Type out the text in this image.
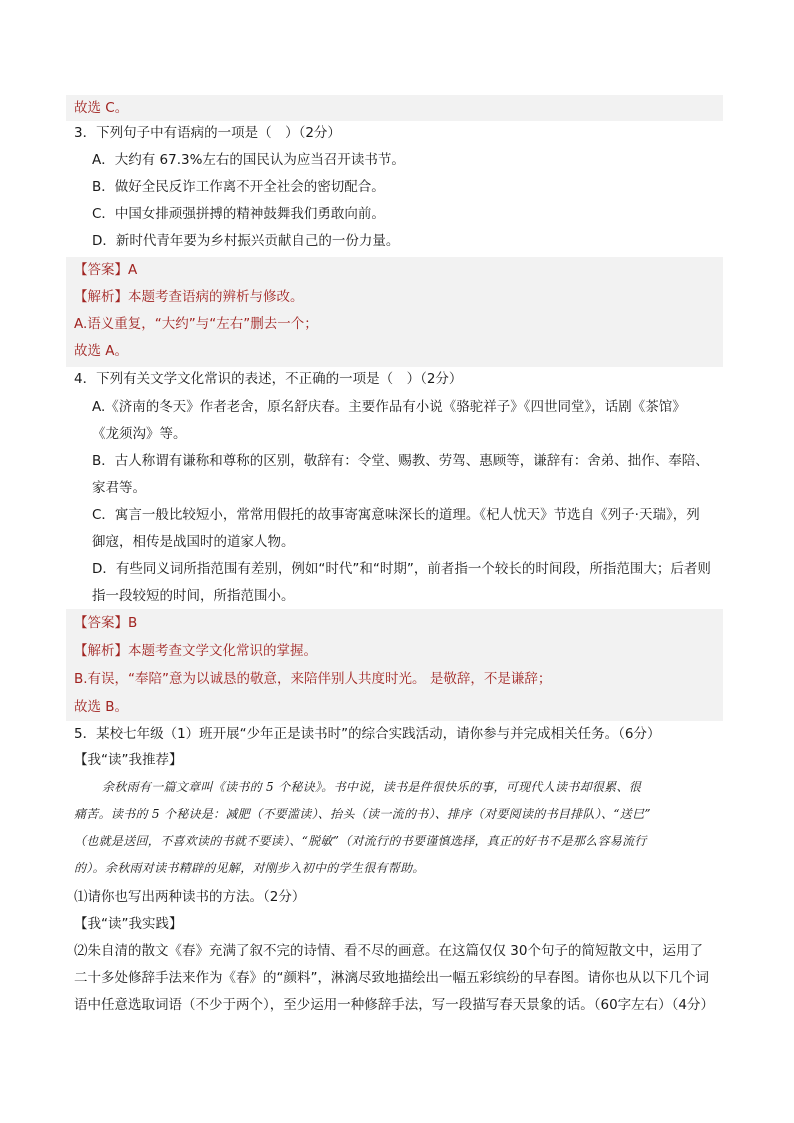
故选 C。
3．下列句子中有语病的一项是（　）（2分）
A．大约有 67.3%左右的国民认为应当召开读书节。
B．做好全民反诈工作离不开全社会的密切配合。
C．中国女排顽强拼搏的精神鼓舞我们勇敢向前。
D．新时代青年要为乡村振兴贡献自己的一份力量。
【答案】A
【解析】本题考查语病的辨析与修改。
A.语义重复，“大约”与“左右”删去一个；
故选 A。
4．下列有关文学文化常识的表述，不正确的一项是（　）（2分）
A.《济南的冬天》作者老舍，原名舒庆春。主要作品有小说《骆驼祥子》《四世同堂》，话剧《茶馆》
《龙须沟》等。
B．古人称谓有谦称和尊称的区别，敬辞有：令堂、赐教、劳驾、惠顾等，谦辞有：舍弟、拙作、奉陪、
家君等。
C．寓言一般比较短小，常常用假托的故事寄寓意味深长的道理。《杞人忧天》节选自《列子·天瑞》，列
御寇，相传是战国时的道家人物。
D．有些同义词所指范围有差别，例如“时代”和“时期”，前者指一个较长的时间段，所指范围大；后者则
指一段较短的时间，所指范围小。
【答案】B
【解析】本题考查文学文化常识的掌握。
B.有误，“奉陪”意为以诚恳的敬意，来陪伴别人共度时光。 是敬辞，不是谦辞；
故选 B。
5．某校七年级（1）班开展“少年正是读书时”的综合实践活动，请你参与并完成相关任务。（6分）
【我“读”我推荐】
余秋雨有一篇文章叫《读书的 5 个秘诀》。书中说，读书是件很快乐的事，可现代人读书却很累、很
痛苦。读书的 5 个秘诀是：减肥（不要滥读）、抬头（读一流的书）、排序（对要阅读的书目排队）、“送巳”
（也就是送回，不喜欢读的书就不要读）、“脱敏”（对流行的书要谨慎选择，真正的好书不是那么容易流行
的）。余秋雨对读书精辟的见解，对刚步入初中的学生很有帮助。
⑴请你也写出两种读书的方法。（2分）
【我“读”我实践】
⑵朱自清的散文《春》充满了叙不完的诗情、看不尽的画意。在这篇仅仅 30个句子的简短散文中，运用了
二十多处修辞手法来作为《春》的“颜料”，淋漓尽致地描绘出一幅五彩缤纷的早春图。请你也从以下几个词
语中任意选取词语（不少于两个），至少运用一种修辞手法，写一段描写春天景象的话。（60字左右）（4分）
